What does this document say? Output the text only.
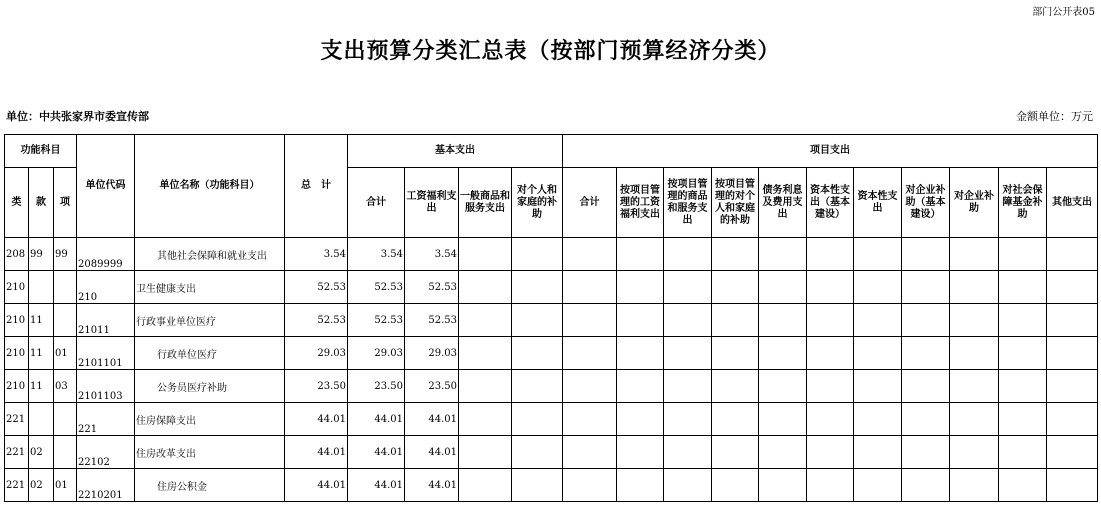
部门公开表05
支出预算分类汇总表（按部门预算经济分类）
单位：中共张家界市委宣传部	金额单位：万元
功能科目			单位代码	单位名称（功能科目）	总　计	基本支出				项目支出										
类	款	项				合计	工资福利支出	一般商品和服务支出	对个人和家庭的补助	合计	按项目管理的工资福利支出	按项目管理的商品和服务支出	按项目管理的对个人和家庭的补助	债务利息及费用支出	资本性支出（基本建设）	资本性支出	对企业补助（基本建设）	对企业补助	对社会保障基金补助	其他支出
208	99	99	2089999	其他社会保障和就业支出	3.54	3.54	3.54													
210			210	卫生健康支出	52.53	52.53	52.53													
210	11		21011	行政事业单位医疗	52.53	52.53	52.53													
210	11	01	2101101	行政单位医疗	29.03	29.03	29.03													
210	11	03	2101103	公务员医疗补助	23.50	23.50	23.50													
221			221	住房保障支出	44.01	44.01	44.01													
221	02		22102	住房改革支出	44.01	44.01	44.01													
221	02	01	2210201	住房公积金	44.01	44.01	44.01													
